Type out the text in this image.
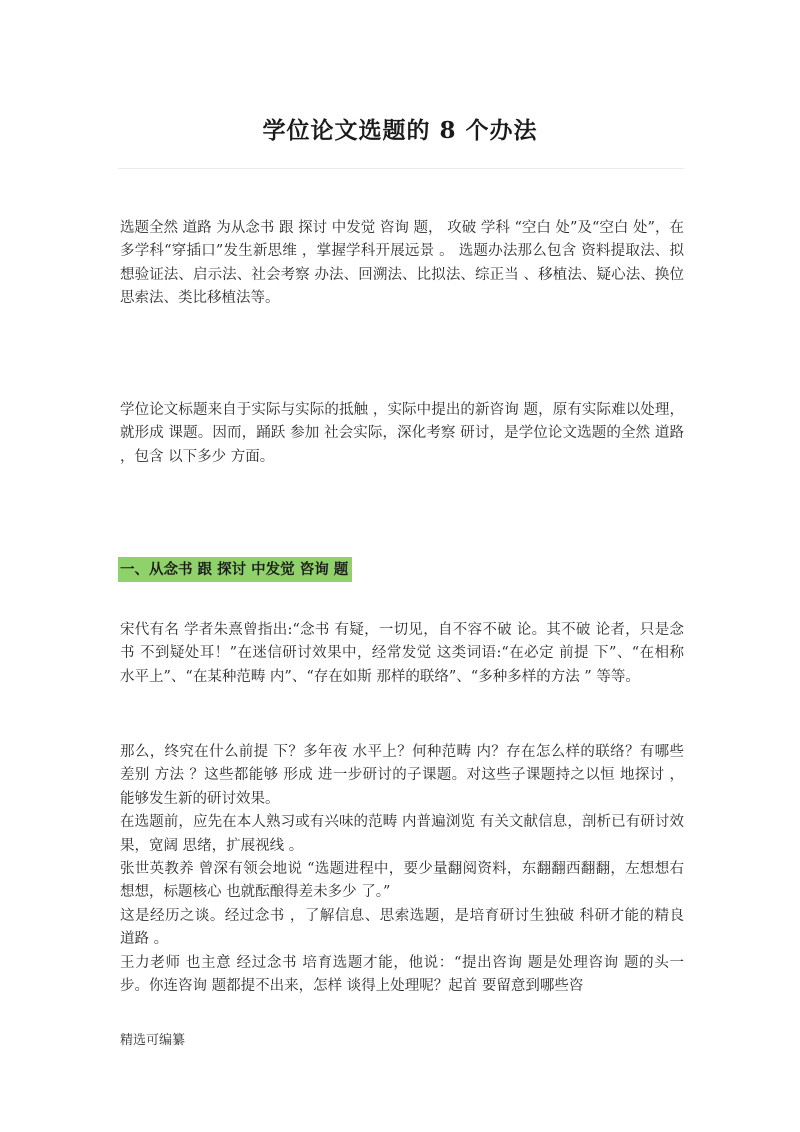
学位论文选题的 8 个办法

选题全然 道路 为从念书 跟 探讨 中发觉 咨询 题， 攻破 学科 “空白 处”及“空白 处”，在多学科“穿插口”发生新思维 ，掌握学科开展远景 。 选题办法那么包含 资料提取法、拟想验证法、启示法、社会考察 办法、回溯法、比拟法、综正当 、移植法、疑心法、换位思索法、类比移植法等。

学位论文标题来自于实际与实际的抵触 ，实际中提出的新咨询 题，原有实际难以处理，就形成 课题。因而，踊跃 参加 社会实际，深化考察 研讨，是学位论文选题的全然 道路 ，包含 以下多少 方面。

一、从念书 跟 探讨 中发觉 咨询 题

宋代有名 学者朱熹曾指出:“念书 有疑，一切见，自不容不破 论。其不破 论者，只是念书 不到疑处耳！”在迷信研讨效果中，经常发觉 这类词语:“在必定 前提 下”、“在相称 水平上”、“在某种范畴 内”、“存在如斯 那样的联络”、“多种多样的方法 ” 等等。

那么，终究在什么前提 下？多年夜 水平上？何种范畴 内？存在怎么样的联络？有哪些差别 方法 ？这些都能够 形成 进一步研讨的子课题。对这些子课题持之以恒 地探讨 ，能够发生新的研讨效果。

在选题前，应先在本人熟习或有兴味的范畴 内普遍浏览 有关文献信息，剖析已有研讨效果，宽阔 思绪，扩展视线 。

张世英教养 曾深有领会地说 “选题进程中，要少量翻阅资料，东翻翻西翻翻，左想想右想想，标题核心 也就酝酿得差未多少 了。”

这是经历之谈。经过念书 ，了解信息、思索选题，是培育研讨生独破 科研才能的精良 道路 。

王力老师 也主意 经过念书 培育选题才能，他说：“提出咨询 题是处理咨询 题的头一步。你连咨询 题都提不出来，怎样 谈得上处理呢？起首 要留意到哪些咨

精选可编纂
